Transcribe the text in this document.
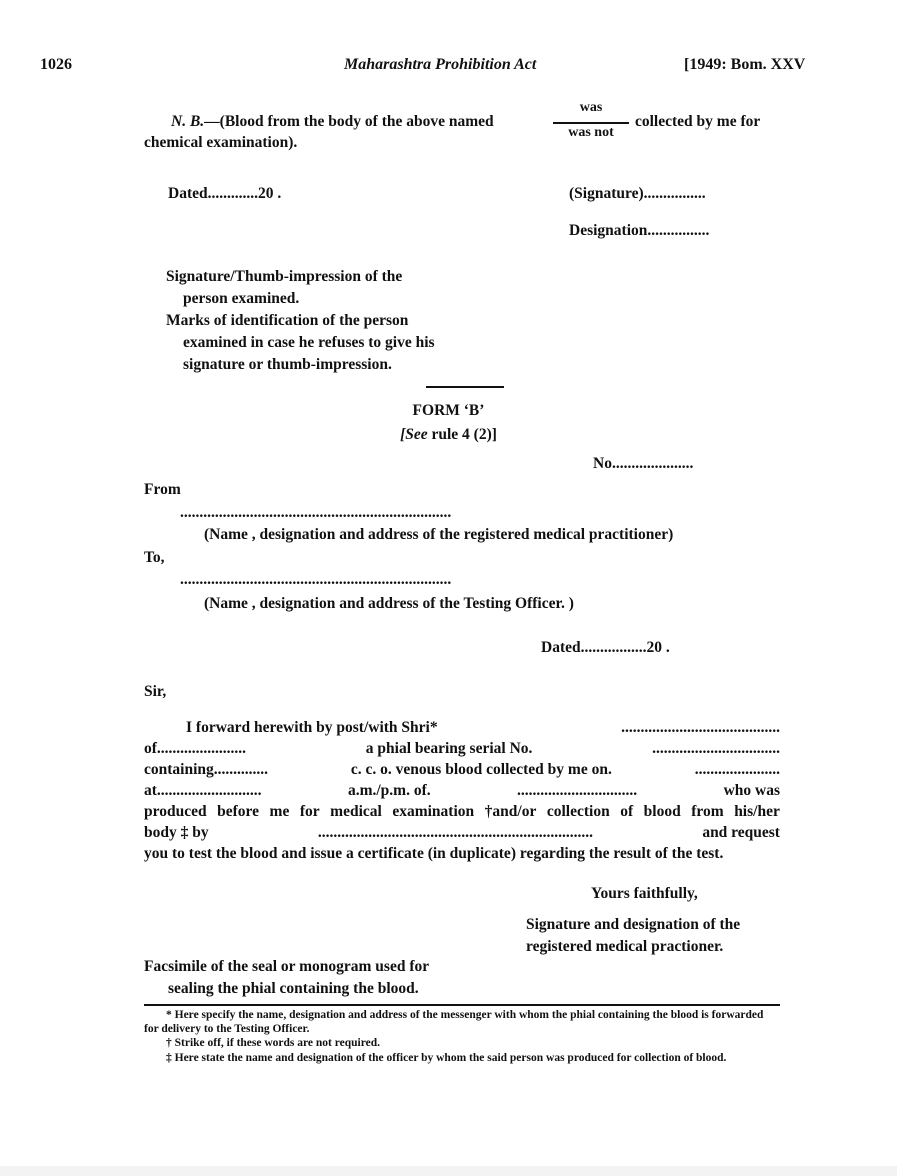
1026	Maharashtra Prohibition Act	[1949: Bom. XXV
N. B.—(Blood from the body of the above named
was
was not
collected by me for
chemical examination).
Dated.............20 .	(Signature)................
Designation................
Signature/Thumb-impression of the
person examined.
Marks of identification of the person
examined in case he refuses to give his
signature or thumb-impression.
FORM ‘B’
[See rule 4 (2)]
No.....................
From
......................................................................
(Name , designation and address of the registered medical practitioner)
To,
......................................................................
(Name , designation and address of the Testing Officer. )
Dated.................20 .
Sir,
I forward herewith by post/with Shri*	.........................................
of.......................	a phial bearing serial No.	.................................
containing..............	c. c. o. venous blood collected by me on.	......................
at...........................	a.m./p.m. of.	...............................	who was
produced before me for medical examination †and/or collection of blood from his/her
body ‡ by	.......................................................................	and request
you to test the blood and issue a certificate (in duplicate) regarding the result of the test.
Yours faithfully,
Signature and designation of the
registered medical practioner.
Facsimile of the seal or monogram used for
sealing the phial containing the blood.
* Here specify the name, designation and address of the messenger with whom the phial containing the blood is forwarded for delivery to the Testing Officer.
† Strike off, if these words are not required.
‡ Here state the name and designation of the officer by whom the said person was produced for collection of blood.
